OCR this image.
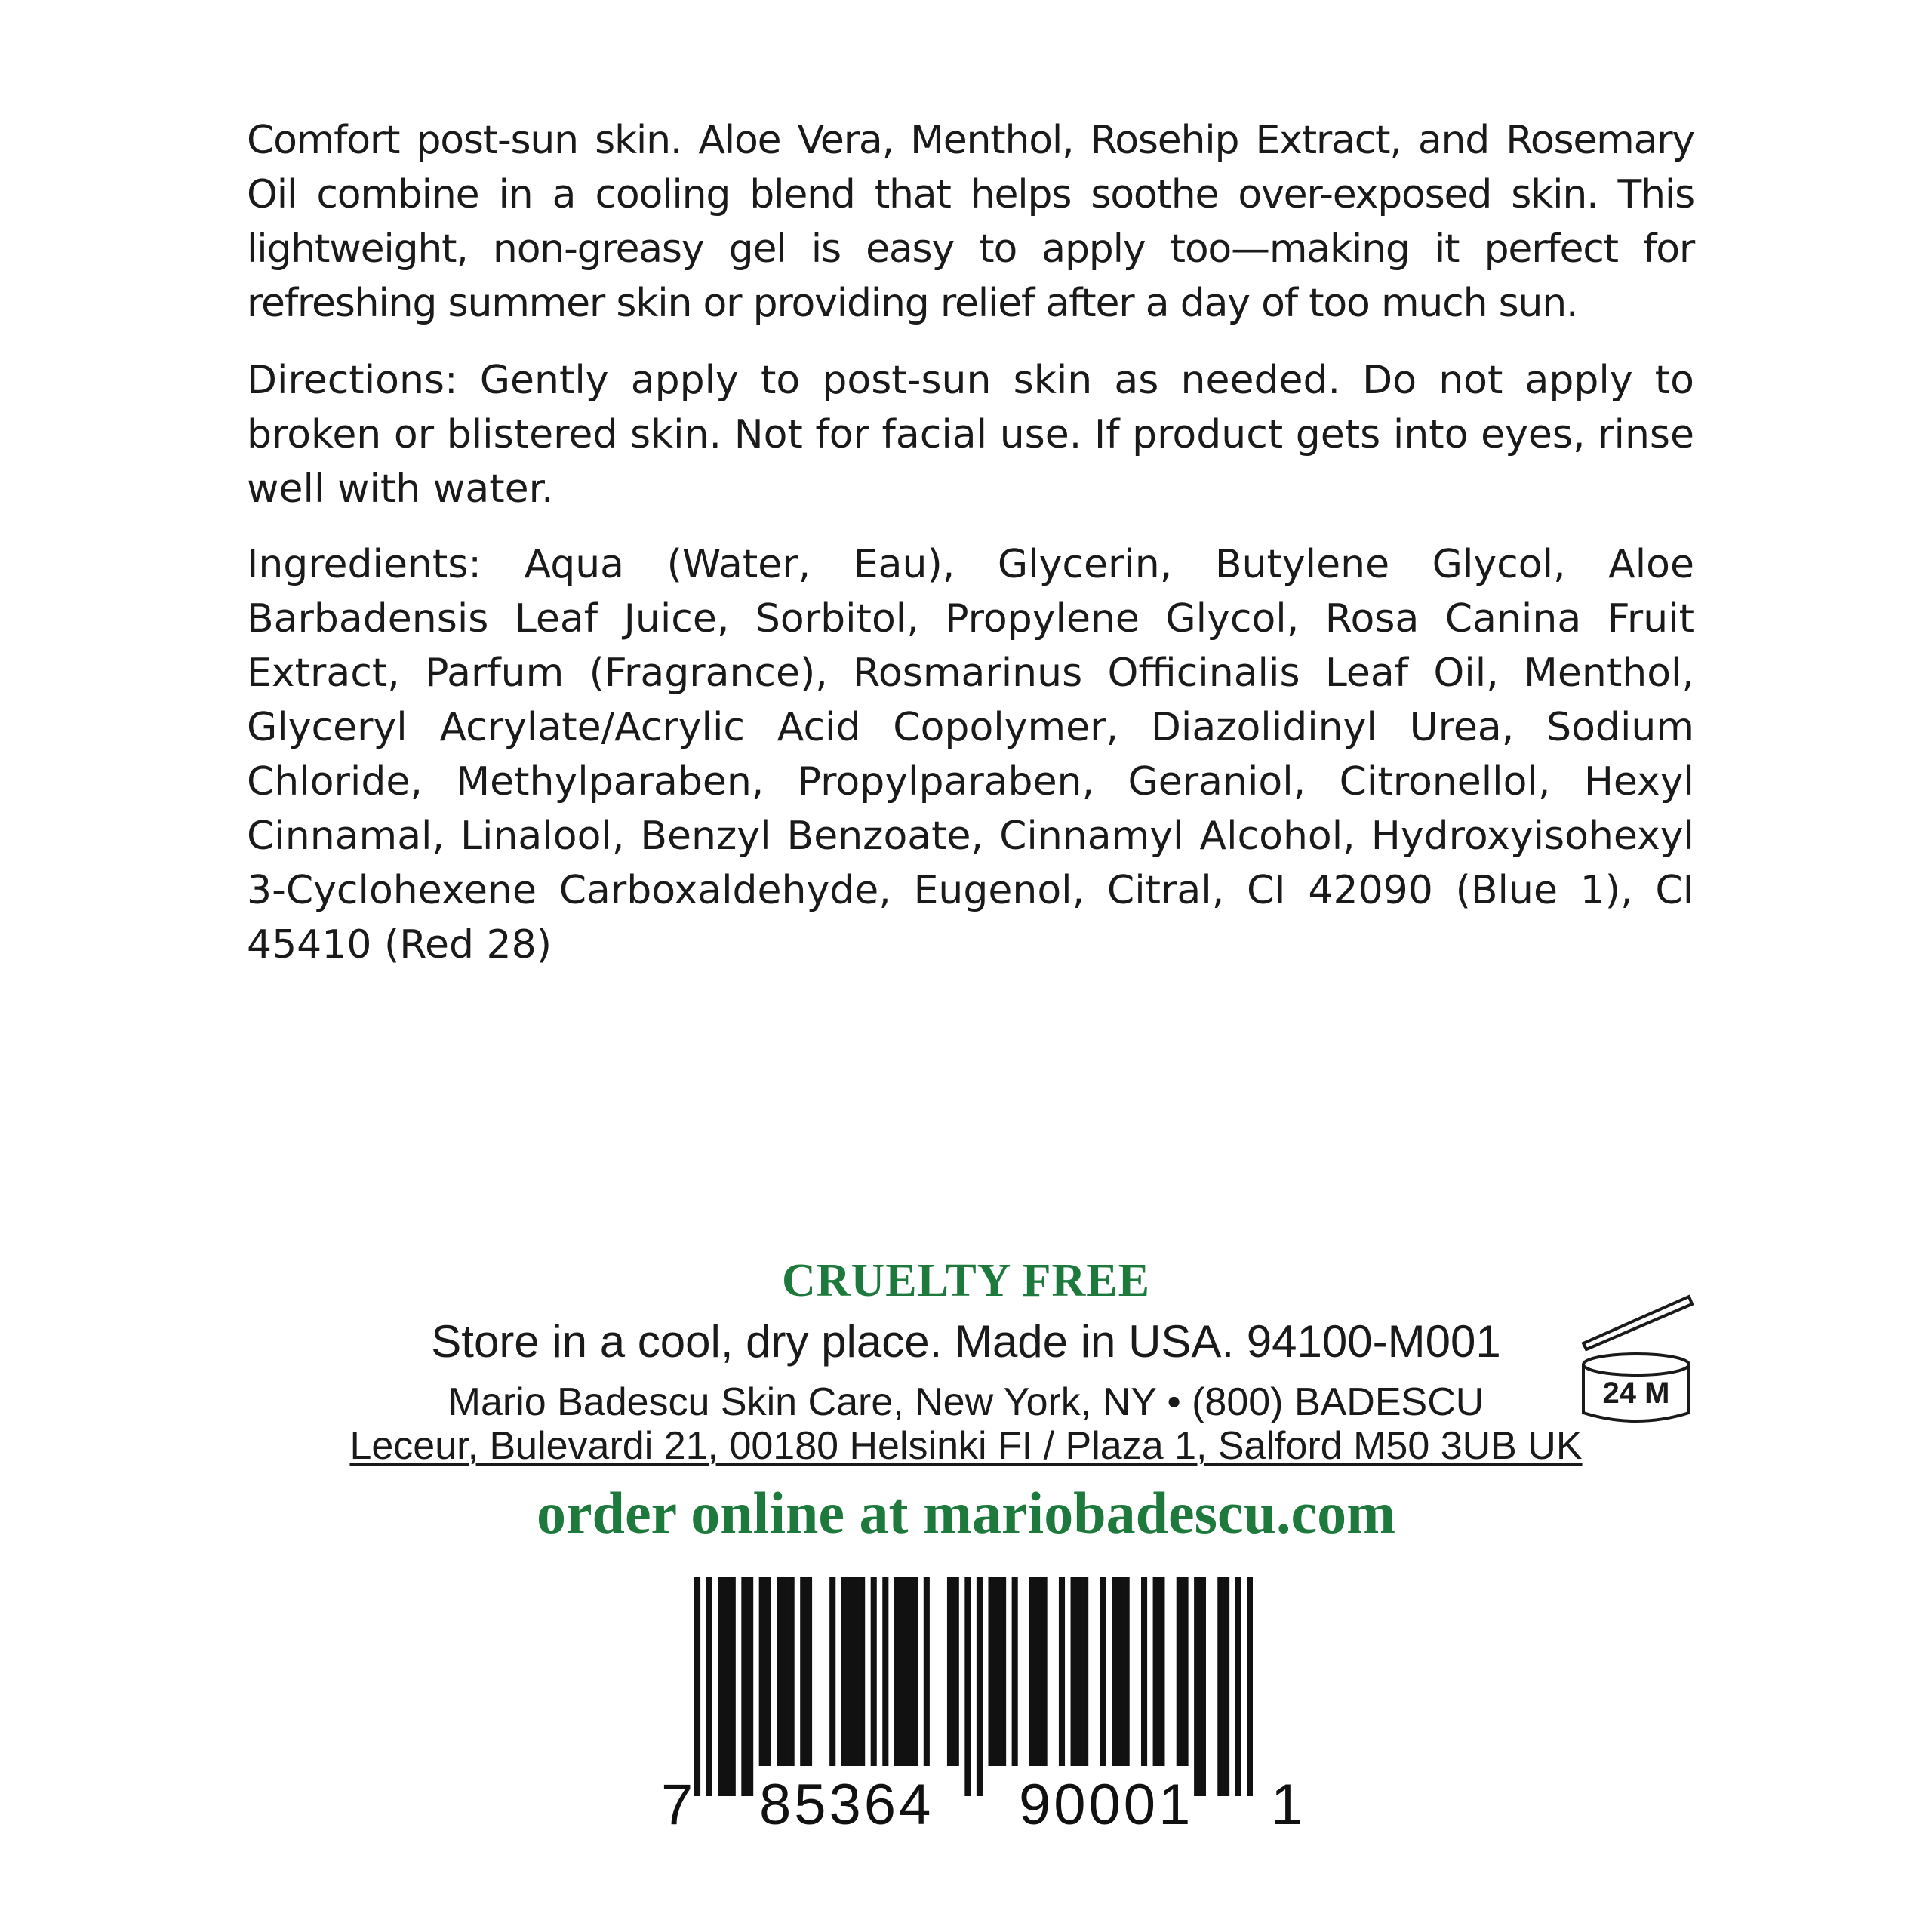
Comfort post-sun skin. Aloe Vera, Menthol, Rosehip Extract, and Rosemary Oil combine in a cooling blend that helps soothe over-exposed skin. This lightweight, non-greasy gel is easy to apply too—making it perfect for refreshing summer skin or providing relief after a day of too much sun.

Directions: Gently apply to post-sun skin as needed. Do not apply to broken or blistered skin. Not for facial use. If product gets into eyes, rinse well with water.

Ingredients: Aqua (Water, Eau), Glycerin, Butylene Glycol, Aloe Barbadensis Leaf Juice, Sorbitol, Propylene Glycol, Rosa Canina Fruit Extract, Parfum (Fragrance), Rosmarinus Officinalis Leaf Oil, Menthol, Glyceryl Acrylate/Acrylic Acid Copolymer, Diazolidinyl Urea, Sodium Chloride, Methylparaben, Propylparaben, Geraniol, Citronellol, Hexyl Cinnamal, Linalool, Benzyl Benzoate, Cinnamyl Alcohol, Hydroxyisohexyl 3-Cyclohexene Carboxaldehyde, Eugenol, Citral, CI 42090 (Blue 1), CI 45410 (Red 28)

CRUELTY FREE

Store in a cool, dry place. Made in USA. 94100-M001

Mario Badescu Skin Care, New York, NY • (800) BADESCU

Leceur, Bulevardi 21, 00180 Helsinki FI / Plaza 1, Salford M50 3UB UK

order online at mariobadescu.com

24 M
7 85364 90001 1
